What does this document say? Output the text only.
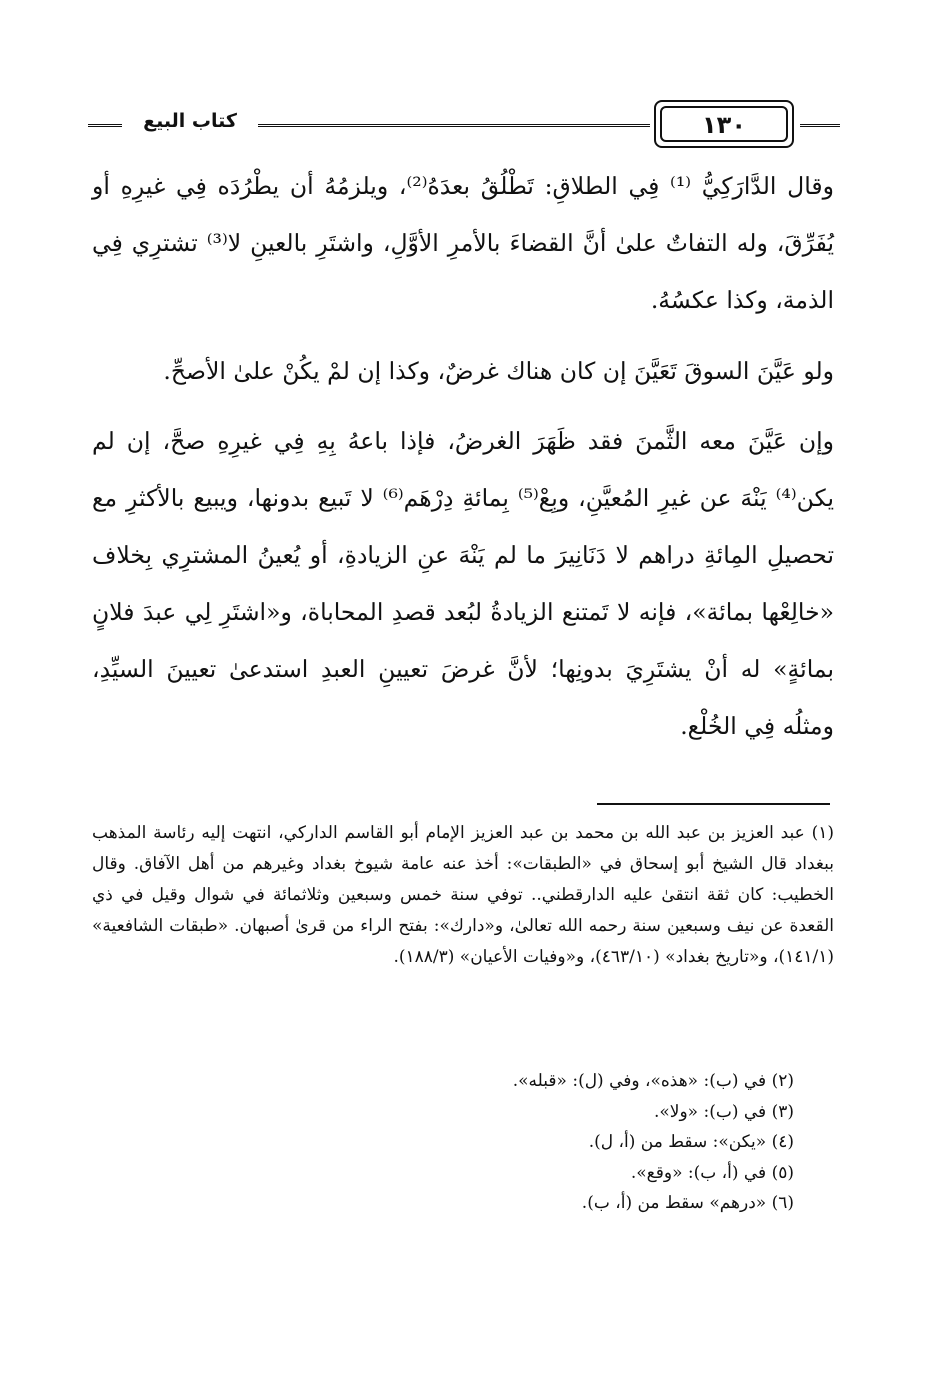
١٣٠
كتاب البيع

وقال الدَّارَكِيُّ ⁽¹⁾ فِي الطلاقِ: تَطْلُقُ بعدَهُ⁽²⁾، ويلزمُهُ أن يطْرُدَه فِي غيرِهِ أو يُفَرِّقَ، وله التفاتٌ علىٰ أنَّ القضاءَ بالأمرِ الأوَّلِ، واشتَرِ بالعينِ لا⁽³⁾ تشترِي فِي الذمة، وكذا عكسُهُ.

ولو عَيَّنَ السوقَ تَعَيَّنَ إن كان هناك غرضٌ، وكذا إن لمْ يكُنْ علىٰ الأصحِّ.

وإن عَيَّنَ معه الثَّمنَ فقد ظَهَرَ الغرضُ، فإذا باعهُ بِهِ فِي غيرِهِ صحَّ، إن لم يكن⁽⁴⁾ يَنْهَ عن غيرِ المُعيَّنِ، وبِعْ⁽⁵⁾ بِمائةِ دِرْهَم⁽⁶⁾ لا تَبيع بدونها، ويبيع بالأكثرِ مع تحصيلِ المِائةِ دراهم لا دَنَانِيرَ ما لم يَنْهَ عنِ الزيادةِ، أو يُعينُ المشترِي بِخلاف «خالِعْها بمائة»، فإنه لا تَمتنع الزيادةُ لبُعد قصدِ المحاباة، و«اشتَرِ لِي عبدَ فلانٍ بمائةٍ» له أنْ يشتَرِيَ بدونِها؛ لأنَّ غرضَ تعيينِ العبدِ استدعىٰ تعيينَ السيِّدِ، ومثلُه فِي الخُلْع.

(١) عبد العزيز بن عبد الله بن محمد بن عبد العزيز الإمام أبو القاسم الداركي، انتهت إليه رئاسة المذهب ببغداد قال الشيخ أبو إسحاق في «الطبقات»: أخذ عنه عامة شيوخ بغداد وغيرهم من أهل الآفاق. وقال الخطيب: كان ثقة انتقىٰ عليه الدارقطني.. توفي سنة خمس وسبعين وثلاثمائة في شوال وقيل في ذي القعدة عن نيف وسبعين سنة رحمه الله تعالىٰ، و«دارك»: بفتح الراء من قرىٰ أصبهان. «طبقات الشافعية» (١٤١/١)، و«تاريخ بغداد» (٤٦٣/١٠)، و«وفيات الأعيان» (١٨٨/٣).

(٢) في (ب): «هذه»، وفي (ل): «قبله».

(٣) في (ب): «ولا».

(٤) «يكن»: سقط من (أ، ل).

(٥) في (أ، ب): «وقع».

(٦) «درهم» سقط من (أ، ب).
